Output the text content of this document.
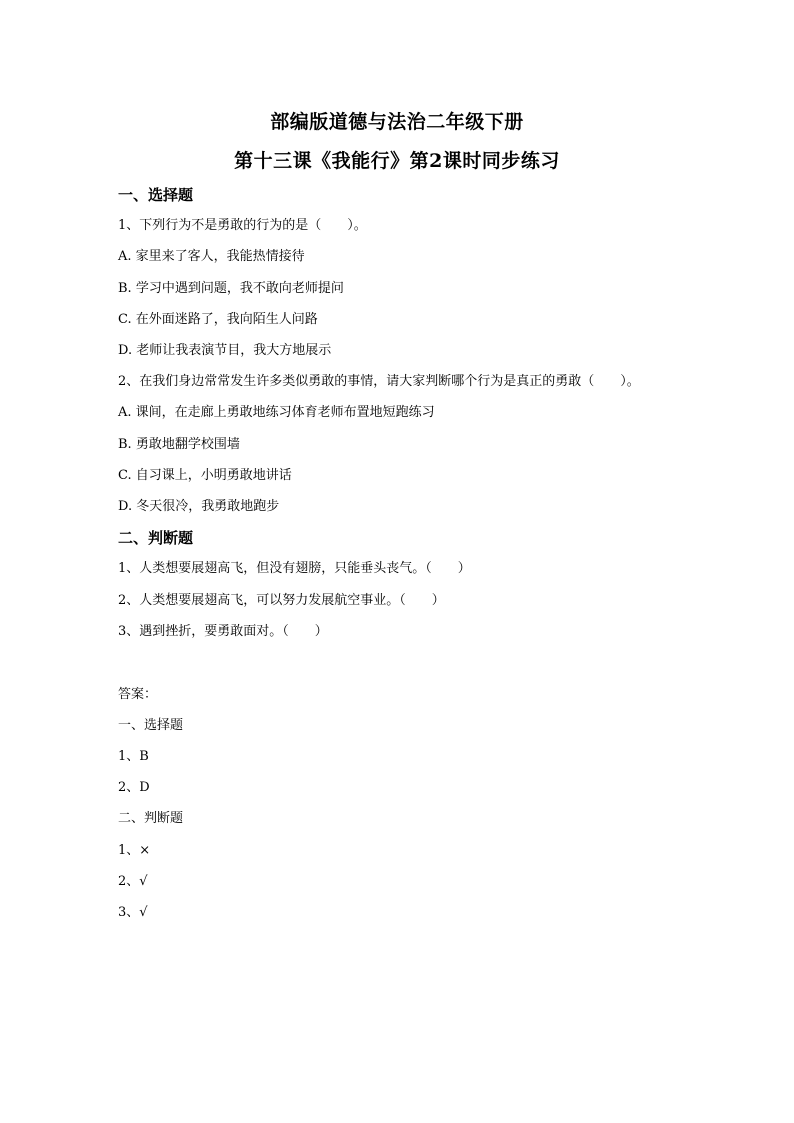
部编版道德与法治二年级下册
第十三课《我能行》第2课时同步练习
一、选择题
1、下列行为不是勇敢的行为的是（　　）。
A. 家里来了客人，我能热情接待
B. 学习中遇到问题，我不敢向老师提问
C. 在外面迷路了，我向陌生人问路
D. 老师让我表演节目，我大方地展示
2、在我们身边常常发生许多类似勇敢的事情，请大家判断哪个行为是真正的勇敢（　　）。
A. 课间，在走廊上勇敢地练习体育老师布置地短跑练习
B. 勇敢地翻学校围墙
C. 自习课上，小明勇敢地讲话
D. 冬天很冷，我勇敢地跑步
二、判断题
1、人类想要展翅高飞，但没有翅膀，只能垂头丧气。（　　）
2、人类想要展翅高飞，可以努力发展航空事业。（　　）
3、遇到挫折，要勇敢面对。（　　）
答案：
一、选择题
1、B
2、D
二、判断题
1、×
2、√
3、√
